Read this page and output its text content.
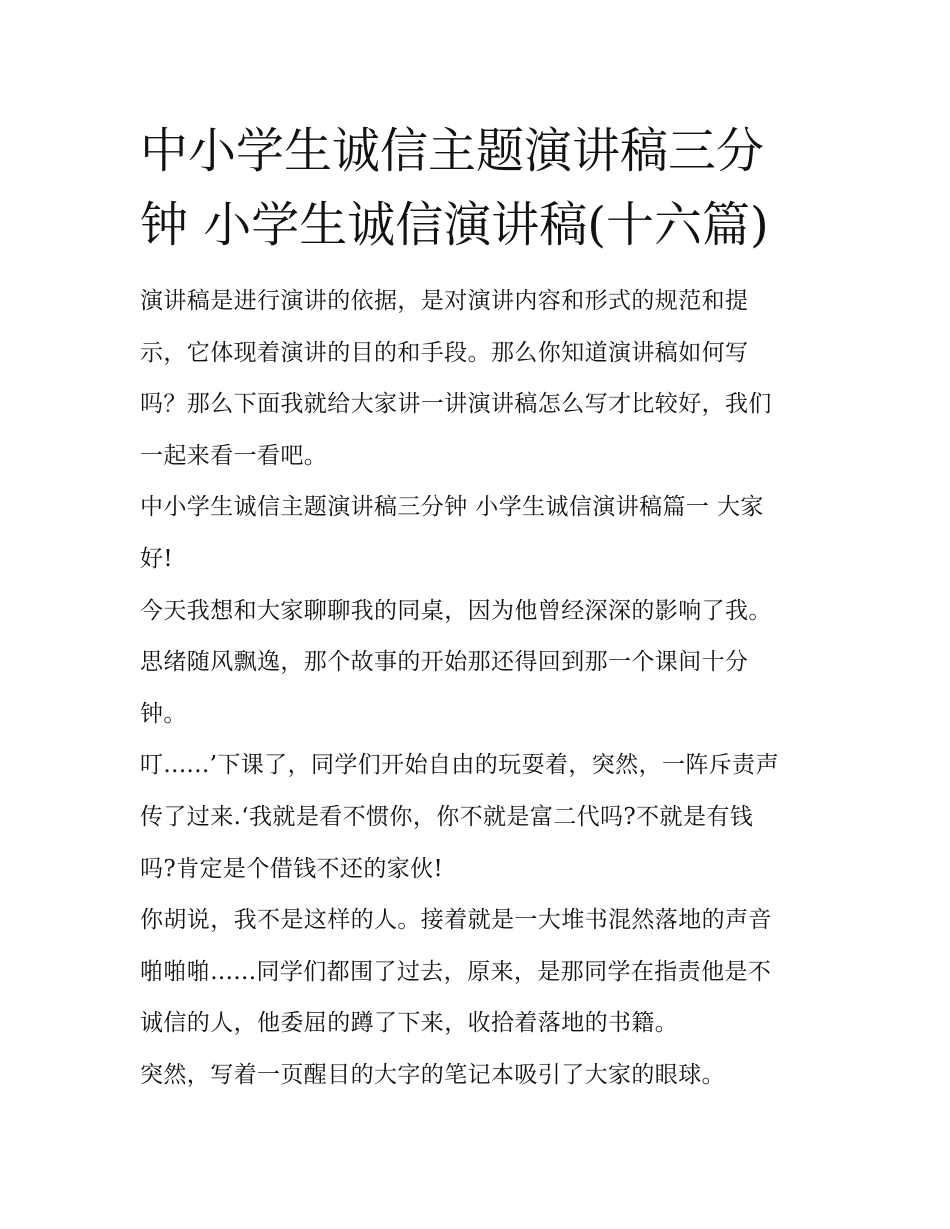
中小学生诚信主题演讲稿三分
钟 小学生诚信演讲稿(十六篇)
演讲稿是进行演讲的依据，是对演讲内容和形式的规范和提
示，它体现着演讲的目的和手段。那么你知道演讲稿如何写
吗？那么下面我就给大家讲一讲演讲稿怎么写才比较好，我们
一起来看一看吧。
中小学生诚信主题演讲稿三分钟 小学生诚信演讲稿篇一 大家
好!
今天我想和大家聊聊我的同桌，因为他曾经深深的影响了我。
思绪随风飘逸，那个故事的开始那还得回到那一个课间十分
钟。
叮......’下课了，同学们开始自由的玩耍着，突然，一阵斥责声
传了过来.‘我就是看不惯你，你不就是富二代吗?不就是有钱
吗?肯定是个借钱不还的家伙!
你胡说，我不是这样的人。接着就是一大堆书混然落地的声音
啪啪啪......同学们都围了过去，原来，是那同学在指责他是不
诚信的人，他委屈的蹲了下来，收拾着落地的书籍。
突然，写着一页醒目的大字的笔记本吸引了大家的眼球。
